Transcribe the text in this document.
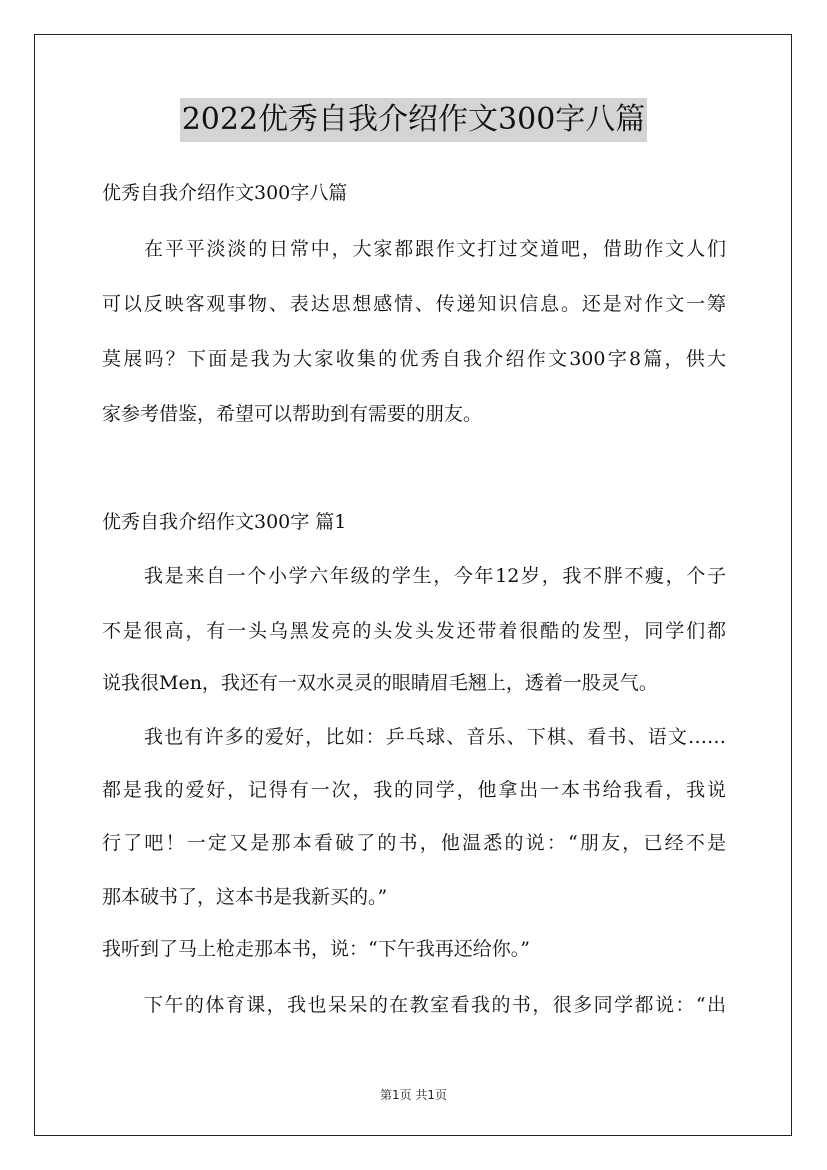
2022优秀自我介绍作文300字八篇
优秀自我介绍作文300字八篇
在平平淡淡的日常中，大家都跟作文打过交道吧，借助作文人们
可以反映客观事物、表达思想感情、传递知识信息。还是对作文一筹
莫展吗？下面是我为大家收集的优秀自我介绍作文300字8篇，供大
家参考借鉴，希望可以帮助到有需要的朋友。
优秀自我介绍作文300字 篇1
我是来自一个小学六年级的学生，今年12岁，我不胖不瘦，个子
不是很高，有一头乌黑发亮的头发头发还带着很酷的发型，同学们都
说我很Men，我还有一双水灵灵的眼睛眉毛翘上，透着一股灵气。
我也有许多的爱好，比如：乒乓球、音乐、下棋、看书、语文……
都是我的爱好，记得有一次，我的同学，他拿出一本书给我看，我说
行了吧！一定又是那本看破了的书，他温悉的说：“朋友，已经不是
那本破书了，这本书是我新买的。”
我听到了马上枪走那本书，说：“下午我再还给你。”
下午的体育课，我也呆呆的在教室看我的书，很多同学都说：“出
第1页 共1页
